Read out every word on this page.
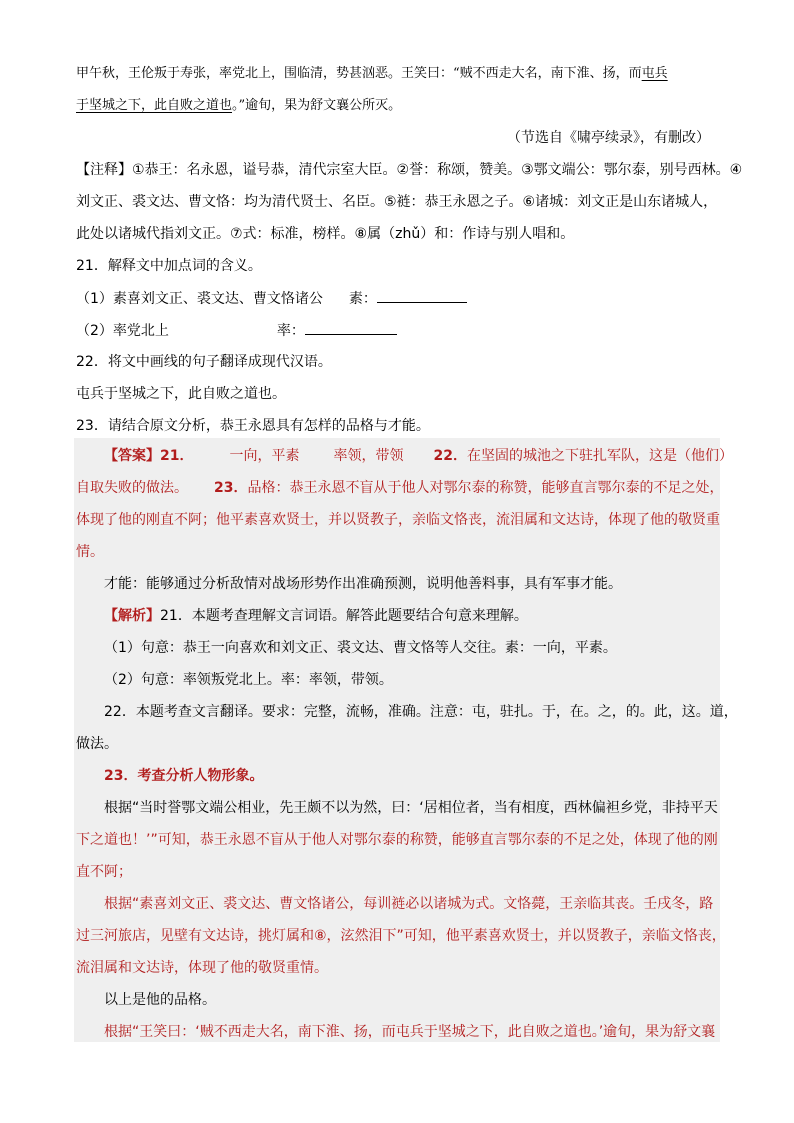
甲午秋，王伦叛于寿张，率党北上，围临清，势甚汹恶。王笑曰：“贼不西走大名，南下淮、扬，而屯兵
于坚城之下，此自败之道也。”逾旬，果为舒文襄公所灭。
（节选自《啸亭续录》，有删改）
【注释】①恭王：名永恩，谥号恭，清代宗室大臣。②誉：称颂，赞美。③鄂文端公：鄂尔泰，别号西林。④
刘文正、裘文达、曹文恪：均为清代贤士、名臣。⑤裢：恭王永恩之子。⑥诸城：刘文正是山东诸城人，
此处以诸城代指刘文正。⑦式：标准，榜样。⑧属（zhǔ）和：作诗与别人唱和。
21．解释文中加点词的含义。
（1）素喜刘文正、裘文达、曹文恪诸公 素：
（2）率党北上	率：
22．将文中画线的句子翻译成现代汉语。
屯兵于坚城之下，此自败之道也。
23．请结合原文分析，恭王永恩具有怎样的品格与才能。
【答案】21．	一向，平素 率领，带领 22．在坚固的城池之下驻扎军队，这是（他们）
自取失败的做法。 23．品格：恭王永恩不盲从于他人对鄂尔泰的称赞，能够直言鄂尔泰的不足之处，
体现了他的刚直不阿；他平素喜欢贤士，并以贤教子，亲临文恪丧，流泪属和文达诗，体现了他的敬贤重
情。
才能：能够通过分析敌情对战场形势作出准确预测，说明他善料事，具有军事才能。
【解析】21．本题考查理解文言词语。解答此题要结合句意来理解。
（1）句意：恭王一向喜欢和刘文正、裘文达、曹文恪等人交往。素：一向，平素。
（2）句意：率领叛党北上。率：率领，带领。
22．本题考查文言翻译。要求：完整，流畅，准确。注意：屯，驻扎。于，在。之，的。此，这。道，
做法。
23．考查分析人物形象。
根据“当时誉鄂文端公相业，先王颇不以为然，曰：‘居相位者，当有相度，西林偏袒乡党，非持平天
下之道也！’”可知，恭王永恩不盲从于他人对鄂尔泰的称赞，能够直言鄂尔泰的不足之处，体现了他的刚
直不阿；
根据“素喜刘文正、裘文达、曹文恪诸公，每训裢必以诸城为式。文恪薨，王亲临其丧。壬戌冬，路
过三河旅店，见壁有文达诗，挑灯属和⑧，泫然泪下”可知，他平素喜欢贤士，并以贤教子，亲临文恪丧，
流泪属和文达诗，体现了他的敬贤重情。
以上是他的品格。
根据“王笑曰：‘贼不西走大名，南下淮、扬，而屯兵于坚城之下，此自败之道也。’逾旬，果为舒文襄
